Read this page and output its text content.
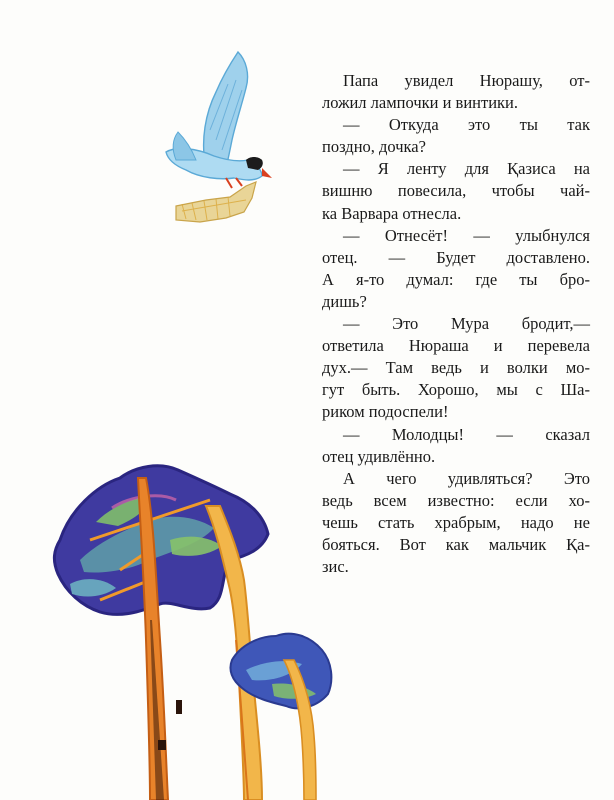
Папа увидел Нюрашу, от-
ложил лампочки и винтики.
— Откуда это ты так
поздно, дочка?
— Я ленту для Қазиса на
вишню повесила, чтобы чай-
ка Варвара отнесла.
— Отнесёт! — улыбнулся
отец. — Будет доставлено.
А я-то думал: где ты бро-
дишь?
— Это Мура бродит,—
ответила Нюраша и перевела
дух.— Там ведь и волки мо-
гут быть. Хорошо, мы с Ша-
риком подоспели!
— Молодцы! — сказал
отец удивлённо.
А чего удивляться? Это
ведь всем известно: если хо-
чешь стать храбрым, надо не
бояться. Вот как мальчик Қа-
зис.
